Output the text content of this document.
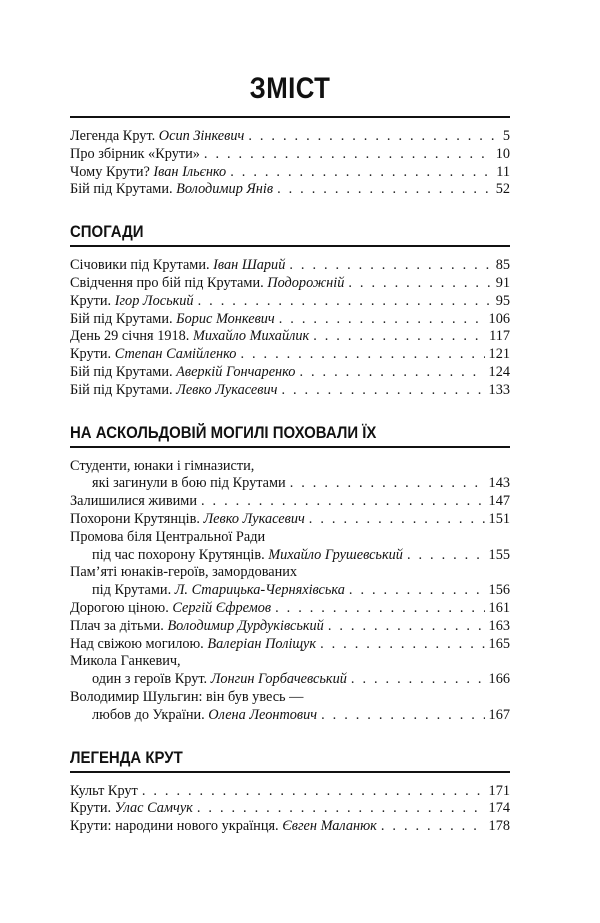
ЗМІСТ
Легенда Крут. Осип Зінкевич . . .	5
Про збірник «Крути» . . .	10
Чому Крути? Іван Ільєнко . . .	11
Бій під Крутами. Володимир Янів . . .	52
СПОГАДИ
Січовики під Крутами. Іван Шарий . . .	85
Свідчення про бій під Крутами. Подорожній . . .	91
Крути. Ігор Лоський . . .	95
Бій під Крутами. Борис Монкевич . . .	106
День 29 січня 1918. Михайло Михайлик . . .	117
Крути. Степан Самійленко . . .	121
Бій під Крутами. Аверкій Гончаренко . . .	124
Бій під Крутами. Левко Лукасевич . . .	133
НА АСКОЛЬДОВІЙ МОГИЛІ ПОХОВАЛИ ЇХ
Студенти, юнаки і гімназисти,
які загинули в бою під Крутами . . .	143
Залишилися живими . . .	147
Похорони Крутянців. Левко Лукасевич . . .	151
Промова біля Центральної Ради
під час похорону Крутянців. Михайло Грушевський . . .	155
Пам’яті юнаків-героїв, замордованих
під Крутами. Л. Старицька-Черняхівська . . .	156
Дорогою ціною. Сергій Єфремов . . .	161
Плач за дітьми. Володимир Дурдуківський . . .	163
Над свіжою могилою. Валеріан Поліщук . . .	165
Микола Ганкевич,
один з героїв Крут. Лонгин Горбачевський . . .	166
Володимир Шульгин: він був увесь —
любов до України. Олена Леонтович . . .	167
ЛЕГЕНДА КРУТ
Культ Крут . . .	171
Крути. Улас Самчук . . .	174
Крути: народини нового українця. Євген Маланюк . . .	178
